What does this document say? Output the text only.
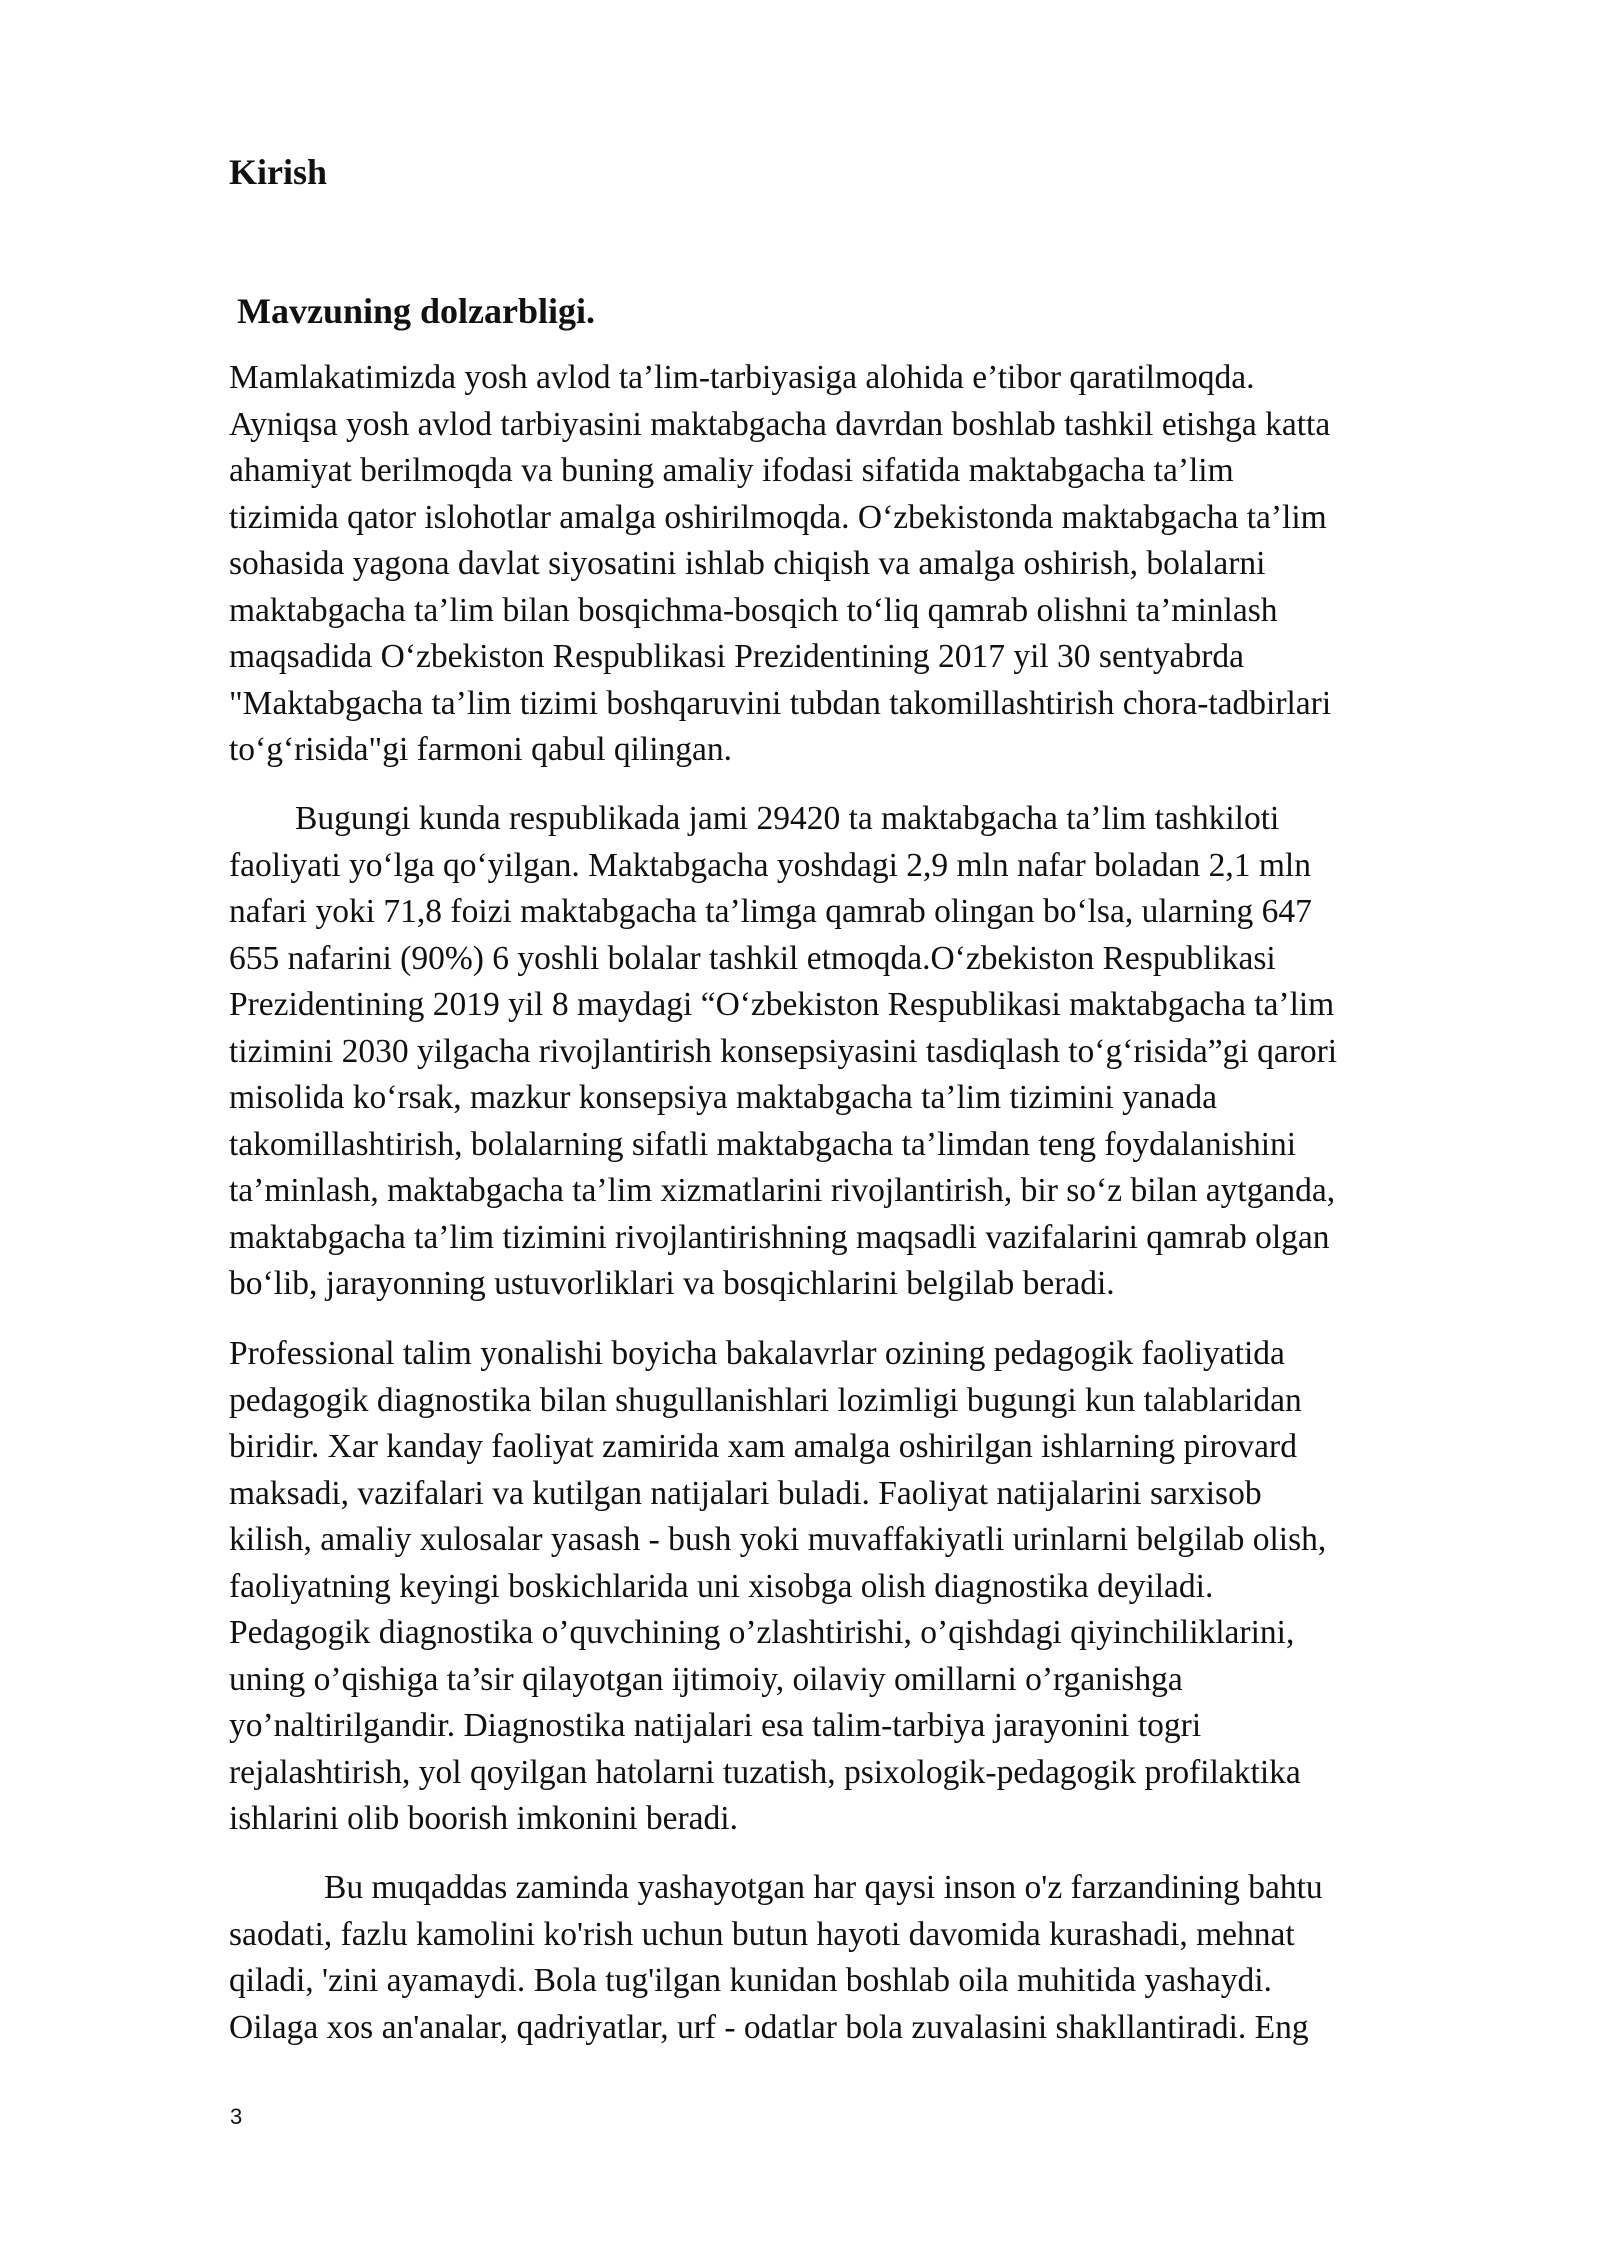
Kirish
Mavzuning dolzarbligi.

Mamlakatimizda yosh avlod ta’lim-tarbiyasiga alohida e’tibor qaratilmoqda.
Ayniqsa yosh avlod tarbiyasini maktabgacha davrdan boshlab tashkil etishga katta
ahamiyat berilmoqda va buning amaliy ifodasi sifatida maktabgacha ta’lim
tizimida qator islohotlar amalga oshirilmoqda. O‘zbekistonda maktabgacha ta’lim
sohasida yagona davlat siyosatini ishlab chiqish va amalga oshirish, bolalarni
maktabgacha ta’lim bilan bosqichma-bosqich to‘liq qamrab olishni ta’minlash
maqsadida O‘zbekiston Respublikasi Prezidentining 2017 yil 30 sentyabrda
"Maktabgacha ta’lim tizimi boshqaruvini tubdan takomillashtirish chora-tadbirlari
to‘g‘risida"gi farmoni qabul qilingan.

Bugungi kunda respublikada jami 29420 ta maktabgacha ta’lim tashkiloti
faoliyati yo‘lga qo‘yilgan. Maktabgacha yoshdagi 2,9 mln nafar boladan 2,1 mln
nafari yoki 71,8 foizi maktabgacha ta’limga qamrab olingan bo‘lsa, ularning 647
655 nafarini (90%) 6 yoshli bolalar tashkil etmoqda.O‘zbekiston Respublikasi
Prezidentining 2019 yil 8 maydagi “O‘zbekiston Respublikasi maktabgacha ta’lim
tizimini 2030 yilgacha rivojlantirish konsepsiyasini tasdiqlash to‘g‘risida”gi qarori
misolida ko‘rsak, mazkur konsepsiya maktabgacha ta’lim tizimini yanada
takomillashtirish, bolalarning sifatli maktabgacha ta’limdan teng foydalanishini
ta’minlash, maktabgacha ta’lim xizmatlarini rivojlantirish, bir so‘z bilan aytganda,
maktabgacha ta’lim tizimini rivojlantirishning maqsadli vazifalarini qamrab olgan
bo‘lib, jarayonning ustuvorliklari va bosqichlarini belgilab beradi.

Professional talim yonalishi boyicha bakalavrlar ozining pedagogik faoliyatida
pedagogik diagnostika bilan shugullanishlari lozimligi bugungi kun talablaridan
biridir. Xar kanday faoliyat zamirida xam amalga oshirilgan ishlarning pirovard
maksadi, vazifalari va kutilgan natijalari buladi. Faoliyat natijalarini sarxisob
kilish, amaliy xulosalar yasash - bush yoki muvaffakiyatli urinlarni belgilab olish,
faoliyatning keyingi boskichlarida uni xisobga olish diagnostika deyiladi.
Pedagogik diagnostika o’quvchining o’zlashtirishi, o’qishdagi qiyinchiliklarini,
uning o’qishiga ta’sir qilayotgan ijtimoiy, oilaviy omillarni o’rganishga
yo’naltirilgandir. Diagnostika natijalari esa talim-tarbiya jarayonini togri
rejalashtirish, yol qoyilgan hatolarni tuzatish, psixologik-pedagogik profilaktika
ishlarini olib boorish imkonini beradi.

Bu muqaddas zaminda yashayotgan har qaysi inson o'z farzandining bahtu
saodati, fazlu kamolini ko'rish uchun butun hayoti davomida kurashadi, mehnat
qiladi, 'zini ayamaydi. Bola tug'ilgan kunidan boshlab oila muhitida yashaydi.
Oilaga xos an'analar, qadriyatlar, urf - odatlar bola zuvalasini shakllantiradi. Eng

3
